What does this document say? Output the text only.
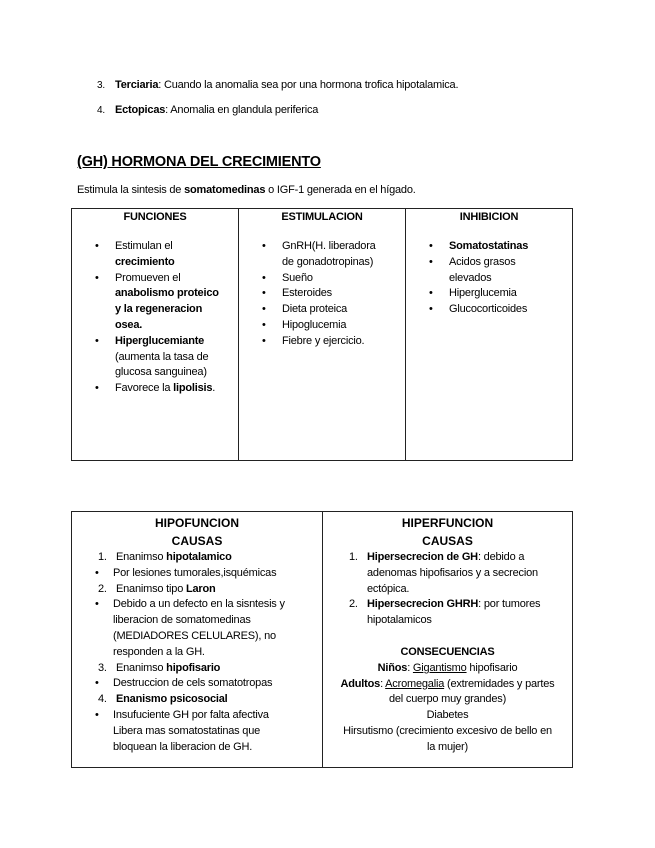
3. Terciaria: Cuando la anomalia sea por una hormona trofica hipotalamica.
4. Ectopicas: Anomalia en glandula periferica
(GH) HORMONA DEL CRECIMIENTO
Estimula la sintesis de somatomedinas o IGF-1 generada en el hígado.
FUNCIONES
• Estimulan el
crecimiento
• Promueven el
anabolismo proteico
y la regeneracion
osea.
• Hiperglucemiante
(aumenta la tasa de
glucosa sanguinea)
• Favorece la lipolisis.

ESTIMULACION
• GnRH(H. liberadora
de gonadotropinas)
• Sueño
• Esteroides
• Dieta proteica
• Hipoglucemia
• Fiebre y ejercicio.

INHIBICION
• Somatostatinas
• Acidos grasos
elevados
• Hiperglucemia
• Glucocorticoides
HIPOFUNCION
CAUSAS
1. Enanimso hipotalamico
• Por lesiones tumorales,isquémicas
2. Enanimso tipo Laron
• Debido a un defecto en la sisntesis y
liberacion de somatomedinas
(MEDIADORES CELULARES), no
responden a la GH.
3. Enanimso hipofisario
• Destruccion de cels somatotropas
4. Enanismo psicosocial
• Insufuciente GH por falta afectiva
Libera mas somatostatinas que
bloquean la liberacion de GH.

HIPERFUNCION
CAUSAS
1. Hipersecrecion de GH: debido a
adenomas hipofisarios y a secrecion
ectópica.
2. Hipersecrecion GHRH: por tumores
hipotalamicos
CONSECUENCIAS
Niños: Gigantismo hipofisario
Adultos: Acromegalia (extremidades y partes
del cuerpo muy grandes)
Diabetes
Hirsutismo (crecimiento excesivo de bello en
la mujer)
